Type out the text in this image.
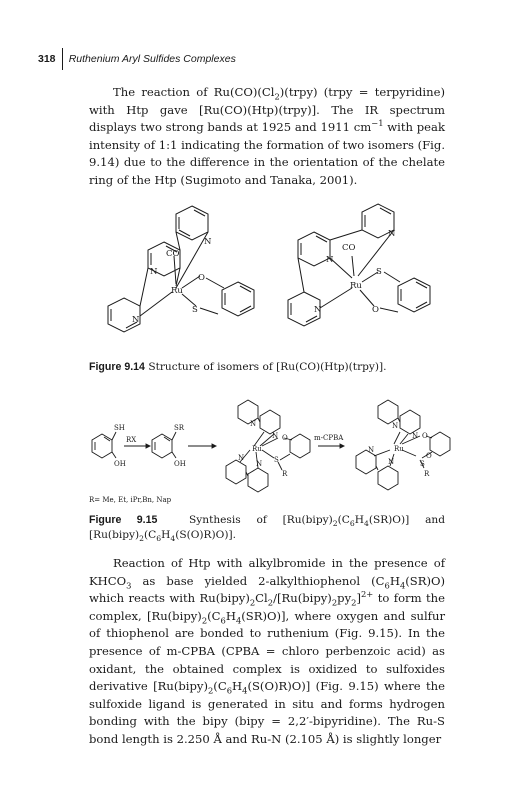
318 Ruthenium Aryl Sulfides Complexes

The reaction of $Ru(CO)(Cl_2)(trpy)$ (trpy = terpyridine) with Htp gave [Ru(CO)(Htp)(trpy)]. The IR spectrum displays two strong bands at 1925 and 1911 $cm^{-1}$ with peak intensity of 1:1 indicating the formation of two isomers (Fig. 9.14) due to the difference in the orientation of the chelate ring of the Htp (Sugimoto and Tanaka, 2001).

N
CO
N
Ru
O
N
S
N
CO
N
Ru
S
N	O
Figure 9.14 Structure of isomers of [Ru(CO)(Htp)(trpy)].
SH
RX
OH
SR
OH
N
N
Ru
O
N
N S
R
m-CPBA
N
N
Ru
O
N
N	S
O
R
R= Me, Et, iPr,Bn, Nap
Figure 9.15	Synthesis of $[Ru(bipy)_2(C_6H_4(SR)O)]$ and $[Ru(bipy)_2(C_6H_4(S(O)R)O)]$.

Reaction of Htp with alkylbromide in the presence of $KHCO_3$ as base yielded 2-alkylthiophenol $(C_6H_4(SR)O)$ which reacts with $Ru(bipy)_2Cl_2/[Ru(bipy)_2py_2]^{2+}$ to form the complex, $[Ru(bipy)_2(C_6H_4(SR)O)]$, where oxygen and sulfur of thiophenol are bonded to ruthenium (Fig. 9.15). In the presence of m-CPBA (CPBA = chloro perbenzoic acid) as oxidant, the obtained complex is oxidized to sulfoxides derivative $[Ru(bipy)_2(C_6H_4(S(O)R)O)]$ (Fig. 9.15) where the sulfoxide ligand is generated in situ and forms hydrogen bonding with the bipy (bipy = 2,2′-bipyridine). The Ru-S bond length is 2.250 Å and Ru-N (2.105 Å) is slightly longer
